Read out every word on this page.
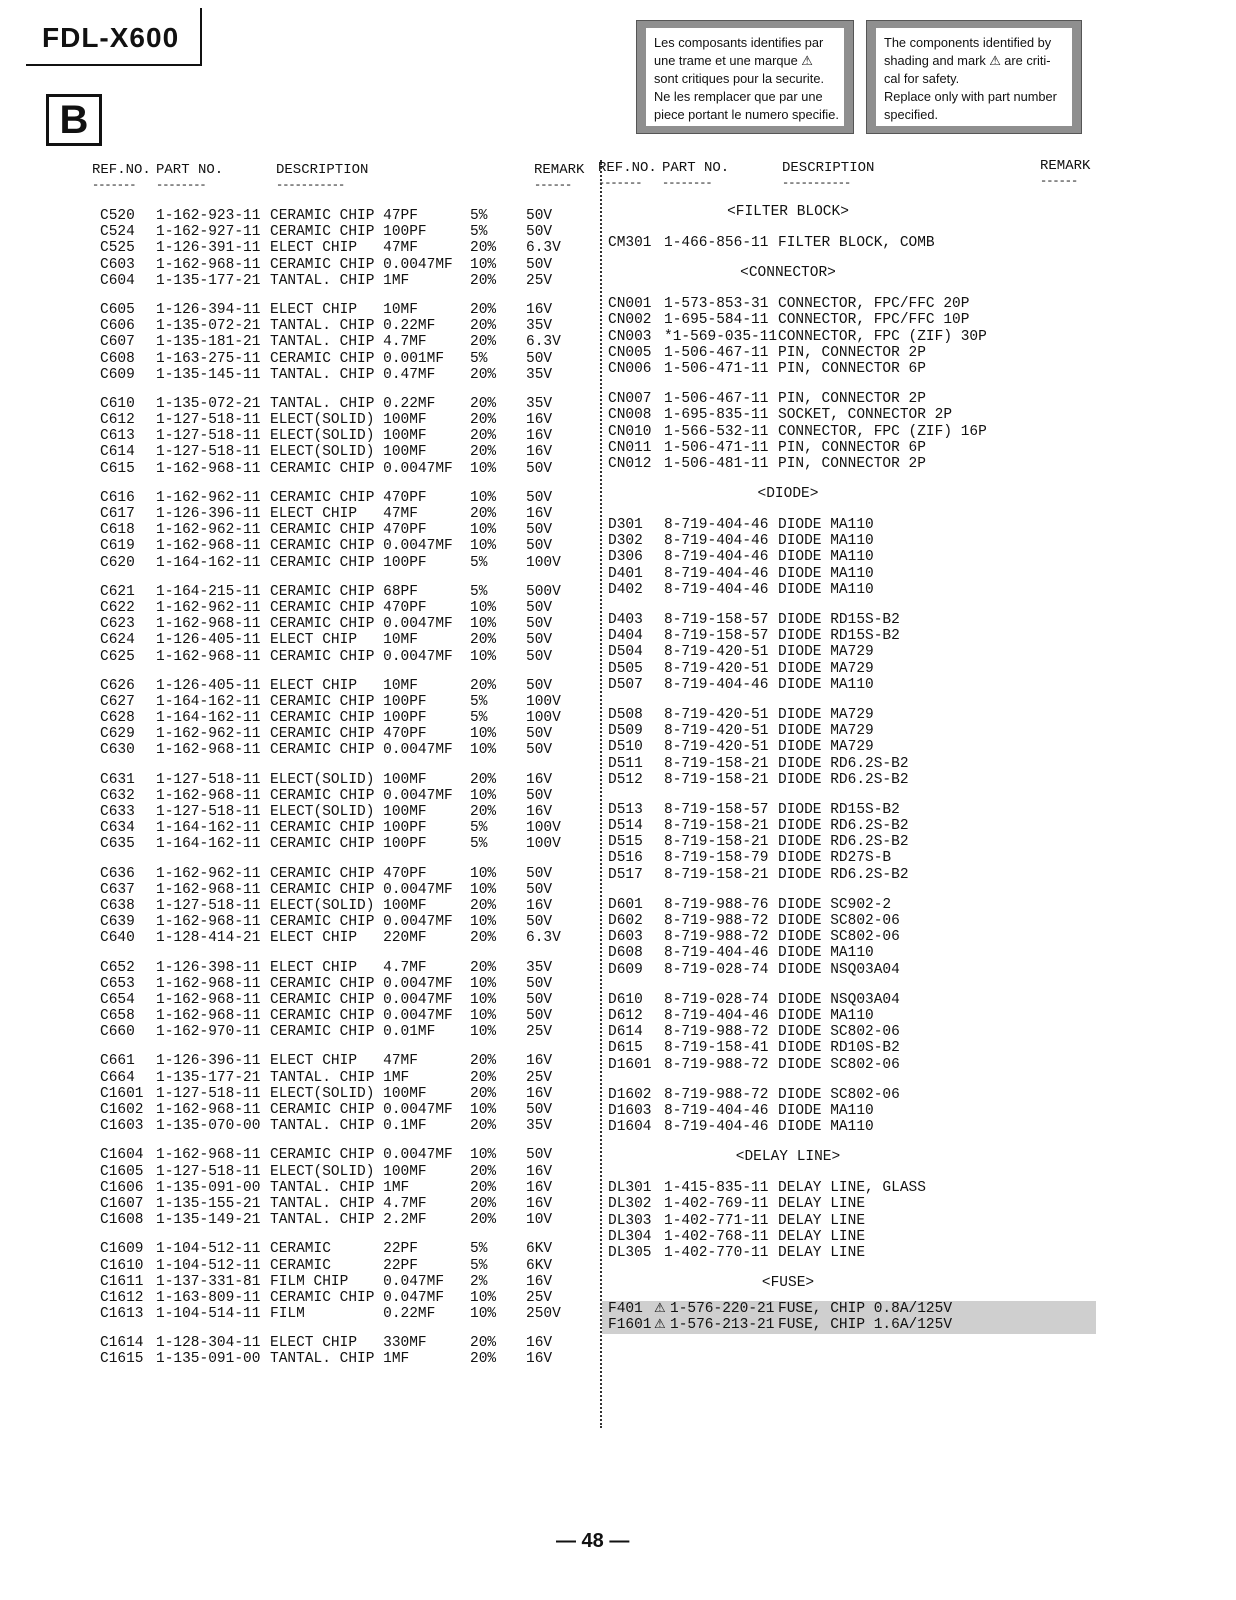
FDL-X600
B
Les composants identifies par
une trame et une marque ⚠
sont critiques pour la securite.
Ne les remplacer que par une
piece portant le numero specifie.
The components identified by
shading and mark ⚠ are criti-
cal for safety.
Replace only with part number
specified.
REF.NO. PART NO.	DESCRIPTION	REMARK
------- --------	-----------	------
REF.NO. PART NO.	DESCRIPTION	REMARK
------- --------	-----------	------
C520 1-162-923-11 CERAMIC CHIP 47PF	5%	50V
C524 1-162-927-11 CERAMIC CHIP 100PF	5%	50V
C525 1-126-391-11 ELECT CHIP   47MF	20% 6.3V
C603 1-162-968-11 CERAMIC CHIP 0.0047MF 10% 50V
C604 1-135-177-21 TANTAL. CHIP 1MF	20% 25V
C605 1-126-394-11 ELECT CHIP   10MF	20% 16V
C606 1-135-072-21 TANTAL. CHIP 0.22MF 20% 35V
C607 1-135-181-21 TANTAL. CHIP 4.7MF	20% 6.3V
C608 1-163-275-11 CERAMIC CHIP 0.001MF 5%	50V
C609 1-135-145-11 TANTAL. CHIP 0.47MF 20% 35V
C610 1-135-072-21 TANTAL. CHIP 0.22MF 20% 35V
C612 1-127-518-11 ELECT(SOLID) 100MF	20% 16V
C613 1-127-518-11 ELECT(SOLID) 100MF	20% 16V
C614 1-127-518-11 ELECT(SOLID) 100MF	20% 16V
C615 1-162-968-11 CERAMIC CHIP 0.0047MF 10% 50V
C616 1-162-962-11 CERAMIC CHIP 470PF	10% 50V
C617 1-126-396-11 ELECT CHIP   47MF	20% 16V
C618 1-162-962-11 CERAMIC CHIP 470PF	10% 50V
C619 1-162-968-11 CERAMIC CHIP 0.0047MF 10% 50V
C620 1-164-162-11 CERAMIC CHIP 100PF	5%	100V
C621 1-164-215-11 CERAMIC CHIP 68PF	5%	500V
C622 1-162-962-11 CERAMIC CHIP 470PF	10% 50V
C623 1-162-968-11 CERAMIC CHIP 0.0047MF 10% 50V
C624 1-126-405-11 ELECT CHIP   10MF	20% 50V
C625 1-162-968-11 CERAMIC CHIP 0.0047MF 10% 50V
C626 1-126-405-11 ELECT CHIP   10MF	20% 50V
C627 1-164-162-11 CERAMIC CHIP 100PF	5%	100V
C628 1-164-162-11 CERAMIC CHIP 100PF	5%	100V
C629 1-162-962-11 CERAMIC CHIP 470PF	10% 50V
C630 1-162-968-11 CERAMIC CHIP 0.0047MF 10% 50V
C631 1-127-518-11 ELECT(SOLID) 100MF	20% 16V
C632 1-162-968-11 CERAMIC CHIP 0.0047MF 10% 50V
C633 1-127-518-11 ELECT(SOLID) 100MF	20% 16V
C634 1-164-162-11 CERAMIC CHIP 100PF	5%	100V
C635 1-164-162-11 CERAMIC CHIP 100PF	5%	100V
C636 1-162-962-11 CERAMIC CHIP 470PF	10% 50V
C637 1-162-968-11 CERAMIC CHIP 0.0047MF 10% 50V
C638 1-127-518-11 ELECT(SOLID) 100MF	20% 16V
C639 1-162-968-11 CERAMIC CHIP 0.0047MF 10% 50V
C640 1-128-414-21 ELECT CHIP   220MF	20% 6.3V
C652 1-126-398-11 ELECT CHIP   4.7MF	20% 35V
C653 1-162-968-11 CERAMIC CHIP 0.0047MF 10% 50V
C654 1-162-968-11 CERAMIC CHIP 0.0047MF 10% 50V
C658 1-162-968-11 CERAMIC CHIP 0.0047MF 10% 50V
C660 1-162-970-11 CERAMIC CHIP 0.01MF 10% 25V
C661 1-126-396-11 ELECT CHIP   47MF	20% 16V
C664 1-135-177-21 TANTAL. CHIP 1MF	20% 25V
C1601 1-127-518-11 ELECT(SOLID) 100MF	20% 16V
C1602 1-162-968-11 CERAMIC CHIP 0.0047MF 10% 50V
C1603 1-135-070-00 TANTAL. CHIP 0.1MF	20% 35V
C1604 1-162-968-11 CERAMIC CHIP 0.0047MF 10% 50V
C1605 1-127-518-11 ELECT(SOLID) 100MF	20% 16V
C1606 1-135-091-00 TANTAL. CHIP 1MF	20% 16V
C1607 1-135-155-21 TANTAL. CHIP 4.7MF	20% 16V
C1608 1-135-149-21 TANTAL. CHIP 2.2MF	20% 10V
C1609 1-104-512-11 CERAMIC      22PF	5%	6KV
C1610 1-104-512-11 CERAMIC      22PF	5%	6KV
C1611 1-137-331-81 FILM CHIP    0.047MF 2%	16V
C1612 1-163-809-11 CERAMIC CHIP 0.047MF 10% 25V
C1613 1-104-514-11 FILM         0.22MF 10% 250V
C1614 1-128-304-11 ELECT CHIP   330MF	20% 16V
C1615 1-135-091-00 TANTAL. CHIP 1MF	20% 16V
<FILTER BLOCK>
CM301 1-466-856-11 FILTER BLOCK, COMB
<CONNECTOR>
CN001 1-573-853-31 CONNECTOR, FPC/FFC 20P
CN002 1-695-584-11 CONNECTOR, FPC/FFC 10P
CN003 *1-569-035-11 CONNECTOR, FPC (ZIF) 30P
CN005 1-506-467-11 PIN, CONNECTOR 2P
CN006 1-506-471-11 PIN, CONNECTOR 6P
CN007 1-506-467-11 PIN, CONNECTOR 2P
CN008 1-695-835-11 SOCKET, CONNECTOR 2P
CN010 1-566-532-11 CONNECTOR, FPC (ZIF) 16P
CN011 1-506-471-11 PIN, CONNECTOR 6P
CN012 1-506-481-11 PIN, CONNECTOR 2P
<DIODE>
D301 8-719-404-46 DIODE MA110
D302 8-719-404-46 DIODE MA110
D306 8-719-404-46 DIODE MA110
D401 8-719-404-46 DIODE MA110
D402 8-719-404-46 DIODE MA110
D403 8-719-158-57 DIODE RD15S-B2
D404 8-719-158-57 DIODE RD15S-B2
D504 8-719-420-51 DIODE MA729
D505 8-719-420-51 DIODE MA729
D507 8-719-404-46 DIODE MA110
D508 8-719-420-51 DIODE MA729
D509 8-719-420-51 DIODE MA729
D510 8-719-420-51 DIODE MA729
D511 8-719-158-21 DIODE RD6.2S-B2
D512 8-719-158-21 DIODE RD6.2S-B2
D513 8-719-158-57 DIODE RD15S-B2
D514 8-719-158-21 DIODE RD6.2S-B2
D515 8-719-158-21 DIODE RD6.2S-B2
D516 8-719-158-79 DIODE RD27S-B
D517 8-719-158-21 DIODE RD6.2S-B2
D601 8-719-988-76 DIODE SC902-2
D602 8-719-988-72 DIODE SC802-06
D603 8-719-988-72 DIODE SC802-06
D608 8-719-404-46 DIODE MA110
D609 8-719-028-74 DIODE NSQ03A04
D610 8-719-028-74 DIODE NSQ03A04
D612 8-719-404-46 DIODE MA110
D614 8-719-988-72 DIODE SC802-06
D615 8-719-158-41 DIODE RD10S-B2
D1601 8-719-988-72 DIODE SC802-06
D1602 8-719-988-72 DIODE SC802-06
D1603 8-719-404-46 DIODE MA110
D1604 8-719-404-46 DIODE MA110
<DELAY LINE>
DL301 1-415-835-11 DELAY LINE, GLASS
DL302 1-402-769-11 DELAY LINE
DL303 1-402-771-11 DELAY LINE
DL304 1-402-768-11 DELAY LINE
DL305 1-402-770-11 DELAY LINE
<FUSE>
F401 ⚠ 1-576-220-21 FUSE, CHIP 0.8A/125V
F1601 ⚠ 1-576-213-21 FUSE, CHIP 1.6A/125V
— 48 —
